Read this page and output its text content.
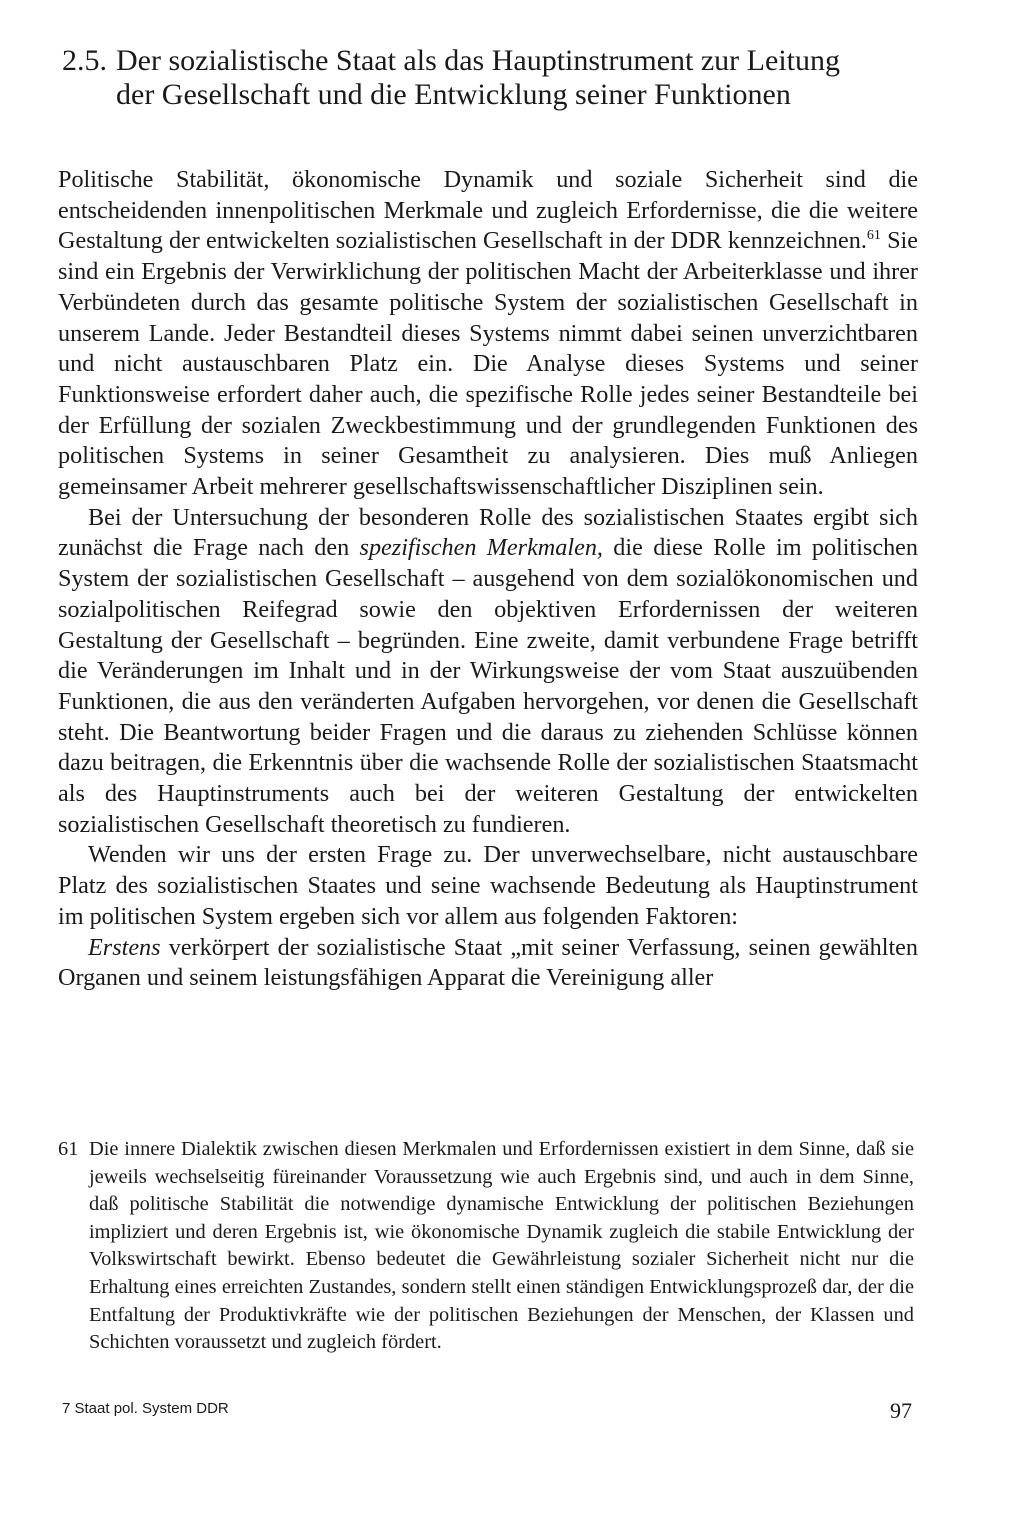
2.5. Der sozialistische Staat als das Hauptinstrument zur Leitung
der Gesellschaft und die Entwicklung seiner Funktionen

Politische Stabilität, ökonomische Dynamik und soziale Sicherheit sind die entscheidenden innenpolitischen Merkmale und zugleich Erfordernisse, die die weitere Gestaltung der entwickelten sozialistischen Gesellschaft in der DDR kennzeichnen.$^{61}$ Sie sind ein Ergebnis der Verwirklichung der politischen Macht der Arbeiterklasse und ihrer Verbündeten durch das gesamte politische System der sozialistischen Gesellschaft in unserem Lande. Jeder Bestandteil dieses Systems nimmt dabei seinen unverzichtbaren und nicht austauschbaren Platz ein. Die Analyse dieses Systems und seiner Funktionsweise erfordert daher auch, die spezifische Rolle jedes seiner Bestandteile bei der Erfüllung der sozialen Zweckbestimmung und der grundlegenden Funktionen des politischen Systems in seiner Gesamtheit zu analysieren. Dies muß Anliegen gemeinsamer Arbeit mehrerer gesellschaftswissenschaftlicher Disziplinen sein.

Bei der Untersuchung der besonderen Rolle des sozialistischen Staates ergibt sich zunächst die Frage nach den spezifischen Merkmalen, die diese Rolle im politischen System der sozialistischen Gesellschaft – ausgehend von dem sozialökonomischen und sozialpolitischen Reifegrad sowie den objektiven Erfordernissen der weiteren Gestaltung der Gesellschaft – begründen. Eine zweite, damit verbundene Frage betrifft die Veränderungen im Inhalt und in der Wirkungsweise der vom Staat auszuübenden Funktionen, die aus den veränderten Aufgaben hervorgehen, vor denen die Gesellschaft steht. Die Beantwortung beider Fragen und die daraus zu ziehenden Schlüsse können dazu beitragen, die Erkenntnis über die wachsende Rolle der sozialistischen Staatsmacht als des Hauptinstruments auch bei der weiteren Gestaltung der entwickelten sozialistischen Gesellschaft theoretisch zu fundieren.

Wenden wir uns der ersten Frage zu. Der unverwechselbare, nicht austauschbare Platz des sozialistischen Staates und seine wachsende Bedeutung als Hauptinstrument im politischen System ergeben sich vor allem aus folgenden Faktoren:

Erstens verkörpert der sozialistische Staat „mit seiner Verfassung, seinen gewählten Organen und seinem leistungsfähigen Apparat die Vereinigung aller

61 Die innere Dialektik zwischen diesen Merkmalen und Erfordernissen existiert in dem Sinne, daß sie jeweils wechselseitig füreinander Voraussetzung wie auch Ergebnis sind, und auch in dem Sinne, daß politische Stabilität die notwendige dynamische Entwicklung der politischen Beziehungen impliziert und deren Ergebnis ist, wie ökonomische Dynamik zugleich die stabile Entwicklung der Volkswirtschaft bewirkt. Ebenso bedeutet die Gewährleistung sozialer Sicherheit nicht nur die Erhaltung eines erreichten Zustandes, sondern stellt einen ständigen Entwicklungsprozeß dar, der die Entfaltung der Produktivkräfte wie der politischen Beziehungen der Menschen, der Klassen und Schichten voraussetzt und zugleich fördert.
7 Staat pol. System DDR	97
